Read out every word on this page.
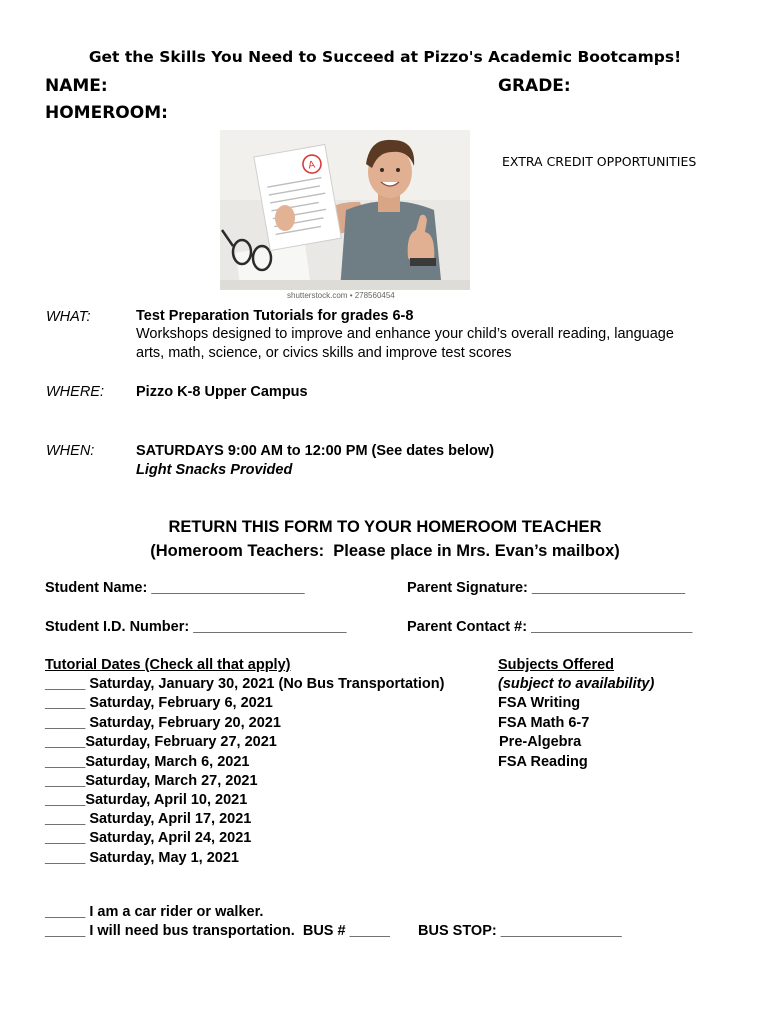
Get the Skills You Need to Succeed at Pizzo's Academic Bootcamps!
NAME:	GRADE:
HOMEROOM:
EXTRA CREDIT OPPORTUNITIES
A
shutterstock.com • 278560454
WHAT:	Test Preparation Tutorials for grades 6-8
Workshops designed to improve and enhance your child’s overall reading, language
arts, math, science, or civics skills and improve test scores
WHERE: Pizzo K-8 Upper Campus
WHEN:	SATURDAYS 9:00 AM to 12:00 PM (See dates below)
Light Snacks Provided
RETURN THIS FORM TO YOUR HOMEROOM TEACHER
(Homeroom Teachers:  Please place in Mrs. Evan’s mailbox)
Student Name: ___________________	Parent Signature: ___________________
Student I.D. Number: ___________________	Parent Contact #: ____________________
Tutorial Dates (Check all that apply)
_____ Saturday, January 30, 2021 (No Bus Transportation)
_____ Saturday, February 6, 2021
_____ Saturday, February 20, 2021
_____Saturday, February 27, 2021
_____Saturday, March 6, 2021
_____Saturday, March 27, 2021
_____Saturday, April 10, 2021
_____ Saturday, April 17, 2021
_____ Saturday, April 24, 2021
_____ Saturday, May 1, 2021
Subjects Offered
(subject to availability)
FSA Writing
FSA Math 6-7
Pre-Algebra
FSA Reading
_____ I am a car rider or walker.
_____ I will need bus transportation.  BUS # _____ BUS STOP: _______________
